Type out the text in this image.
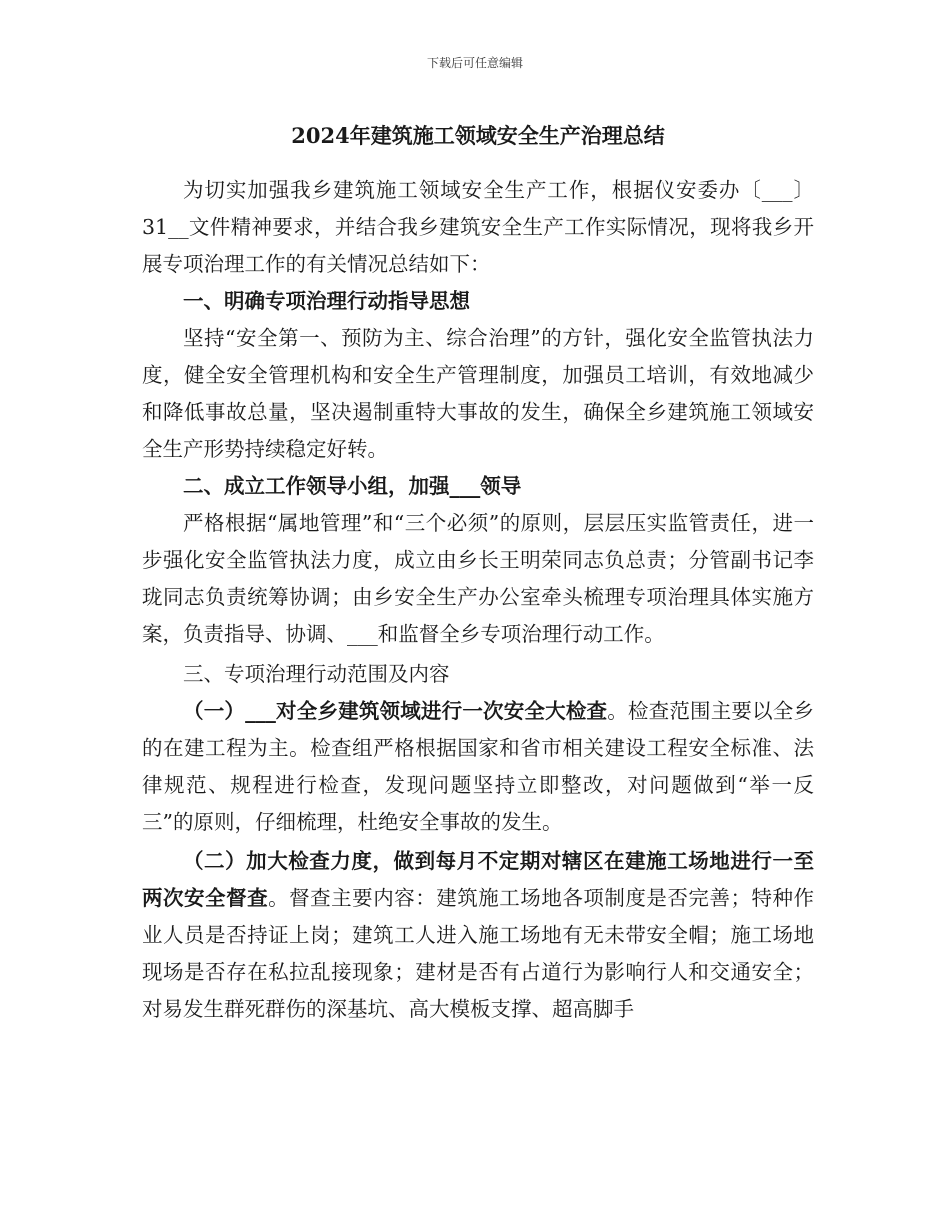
下载后可任意编辑
2024年建筑施工领域安全生产治理总结

为切实加强我乡建筑施工领域安全生产工作，根据仪安委办〔___〕31__文件精神要求，并结合我乡建筑安全生产工作实际情况，现将我乡开展专项治理工作的有关情况总结如下：

一、明确专项治理行动指导思想

坚持“安全第一、预防为主、综合治理”的方针，强化安全监管执法力度，健全安全管理机构和安全生产管理制度，加强员工培训，有效地减少和降低事故总量，坚决遏制重特大事故的发生，确保全乡建筑施工领域安全生产形势持续稳定好转。

二、成立工作领导小组，加强___领导

严格根据“属地管理”和“三个必须”的原则，层层压实监管责任，进一步强化安全监管执法力度，成立由乡长王明荣同志负总责；分管副书记李珑同志负责统筹协调；由乡安全生产办公室牵头梳理专项治理具体实施方案，负责指导、协调、___和监督全乡专项治理行动工作。

三、专项治理行动范围及内容

（一）___对全乡建筑领域进行一次安全大检查。检查范围主要以全乡的在建工程为主。检查组严格根据国家和省市相关建设工程安全标准、法律规范、规程进行检查，发现问题坚持立即整改，对问题做到“举一反三”的原则，仔细梳理，杜绝安全事故的发生。

（二）加大检查力度，做到每月不定期对辖区在建施工场地进行一至两次安全督查。督查主要内容：建筑施工场地各项制度是否完善；特种作业人员是否持证上岗；建筑工人进入施工场地有无未带安全帽；施工场地现场是否存在私拉乱接现象；建材是否有占道行为影响行人和交通安全；对易发生群死群伤的深基坑、高大模板支撑、超高脚手
